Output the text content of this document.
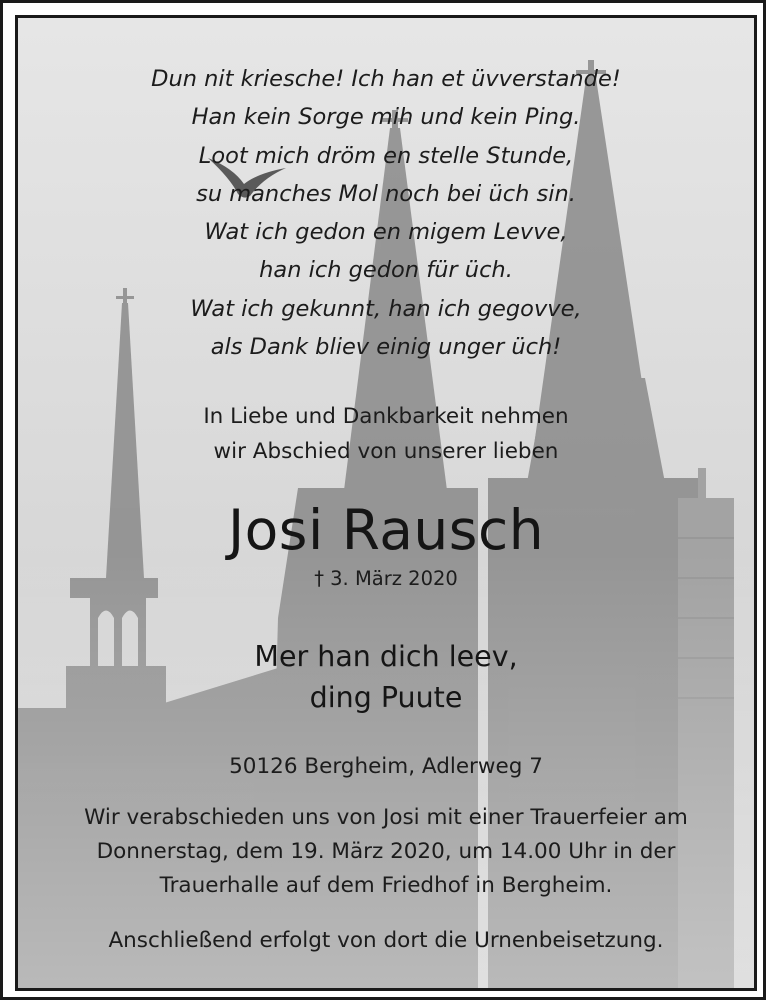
Dun nit kriesche! Ich han et üvverstande!
Han kein Sorge mih und kein Ping.
Loot mich dröm en stelle Stunde,
su manches Mol noch bei üch sin.
Wat ich gedon en migem Levve,
han ich gedon für üch.
Wat ich gekunnt, han ich gegovve,
als Dank bliev einig unger üch!
In Liebe und Dankbarkeit nehmen
wir Abschied von unserer lieben
Josi Rausch
† 3. März 2020
Mer han dich leev,
ding Puute
50126 Bergheim, Adlerweg 7
Wir verabschieden uns von Josi mit einer Trauerfeier am
Donnerstag, dem 19. März 2020, um 14.00 Uhr in der
Trauerhalle auf dem Friedhof in Bergheim.
Anschließend erfolgt von dort die Urnenbeisetzung.
